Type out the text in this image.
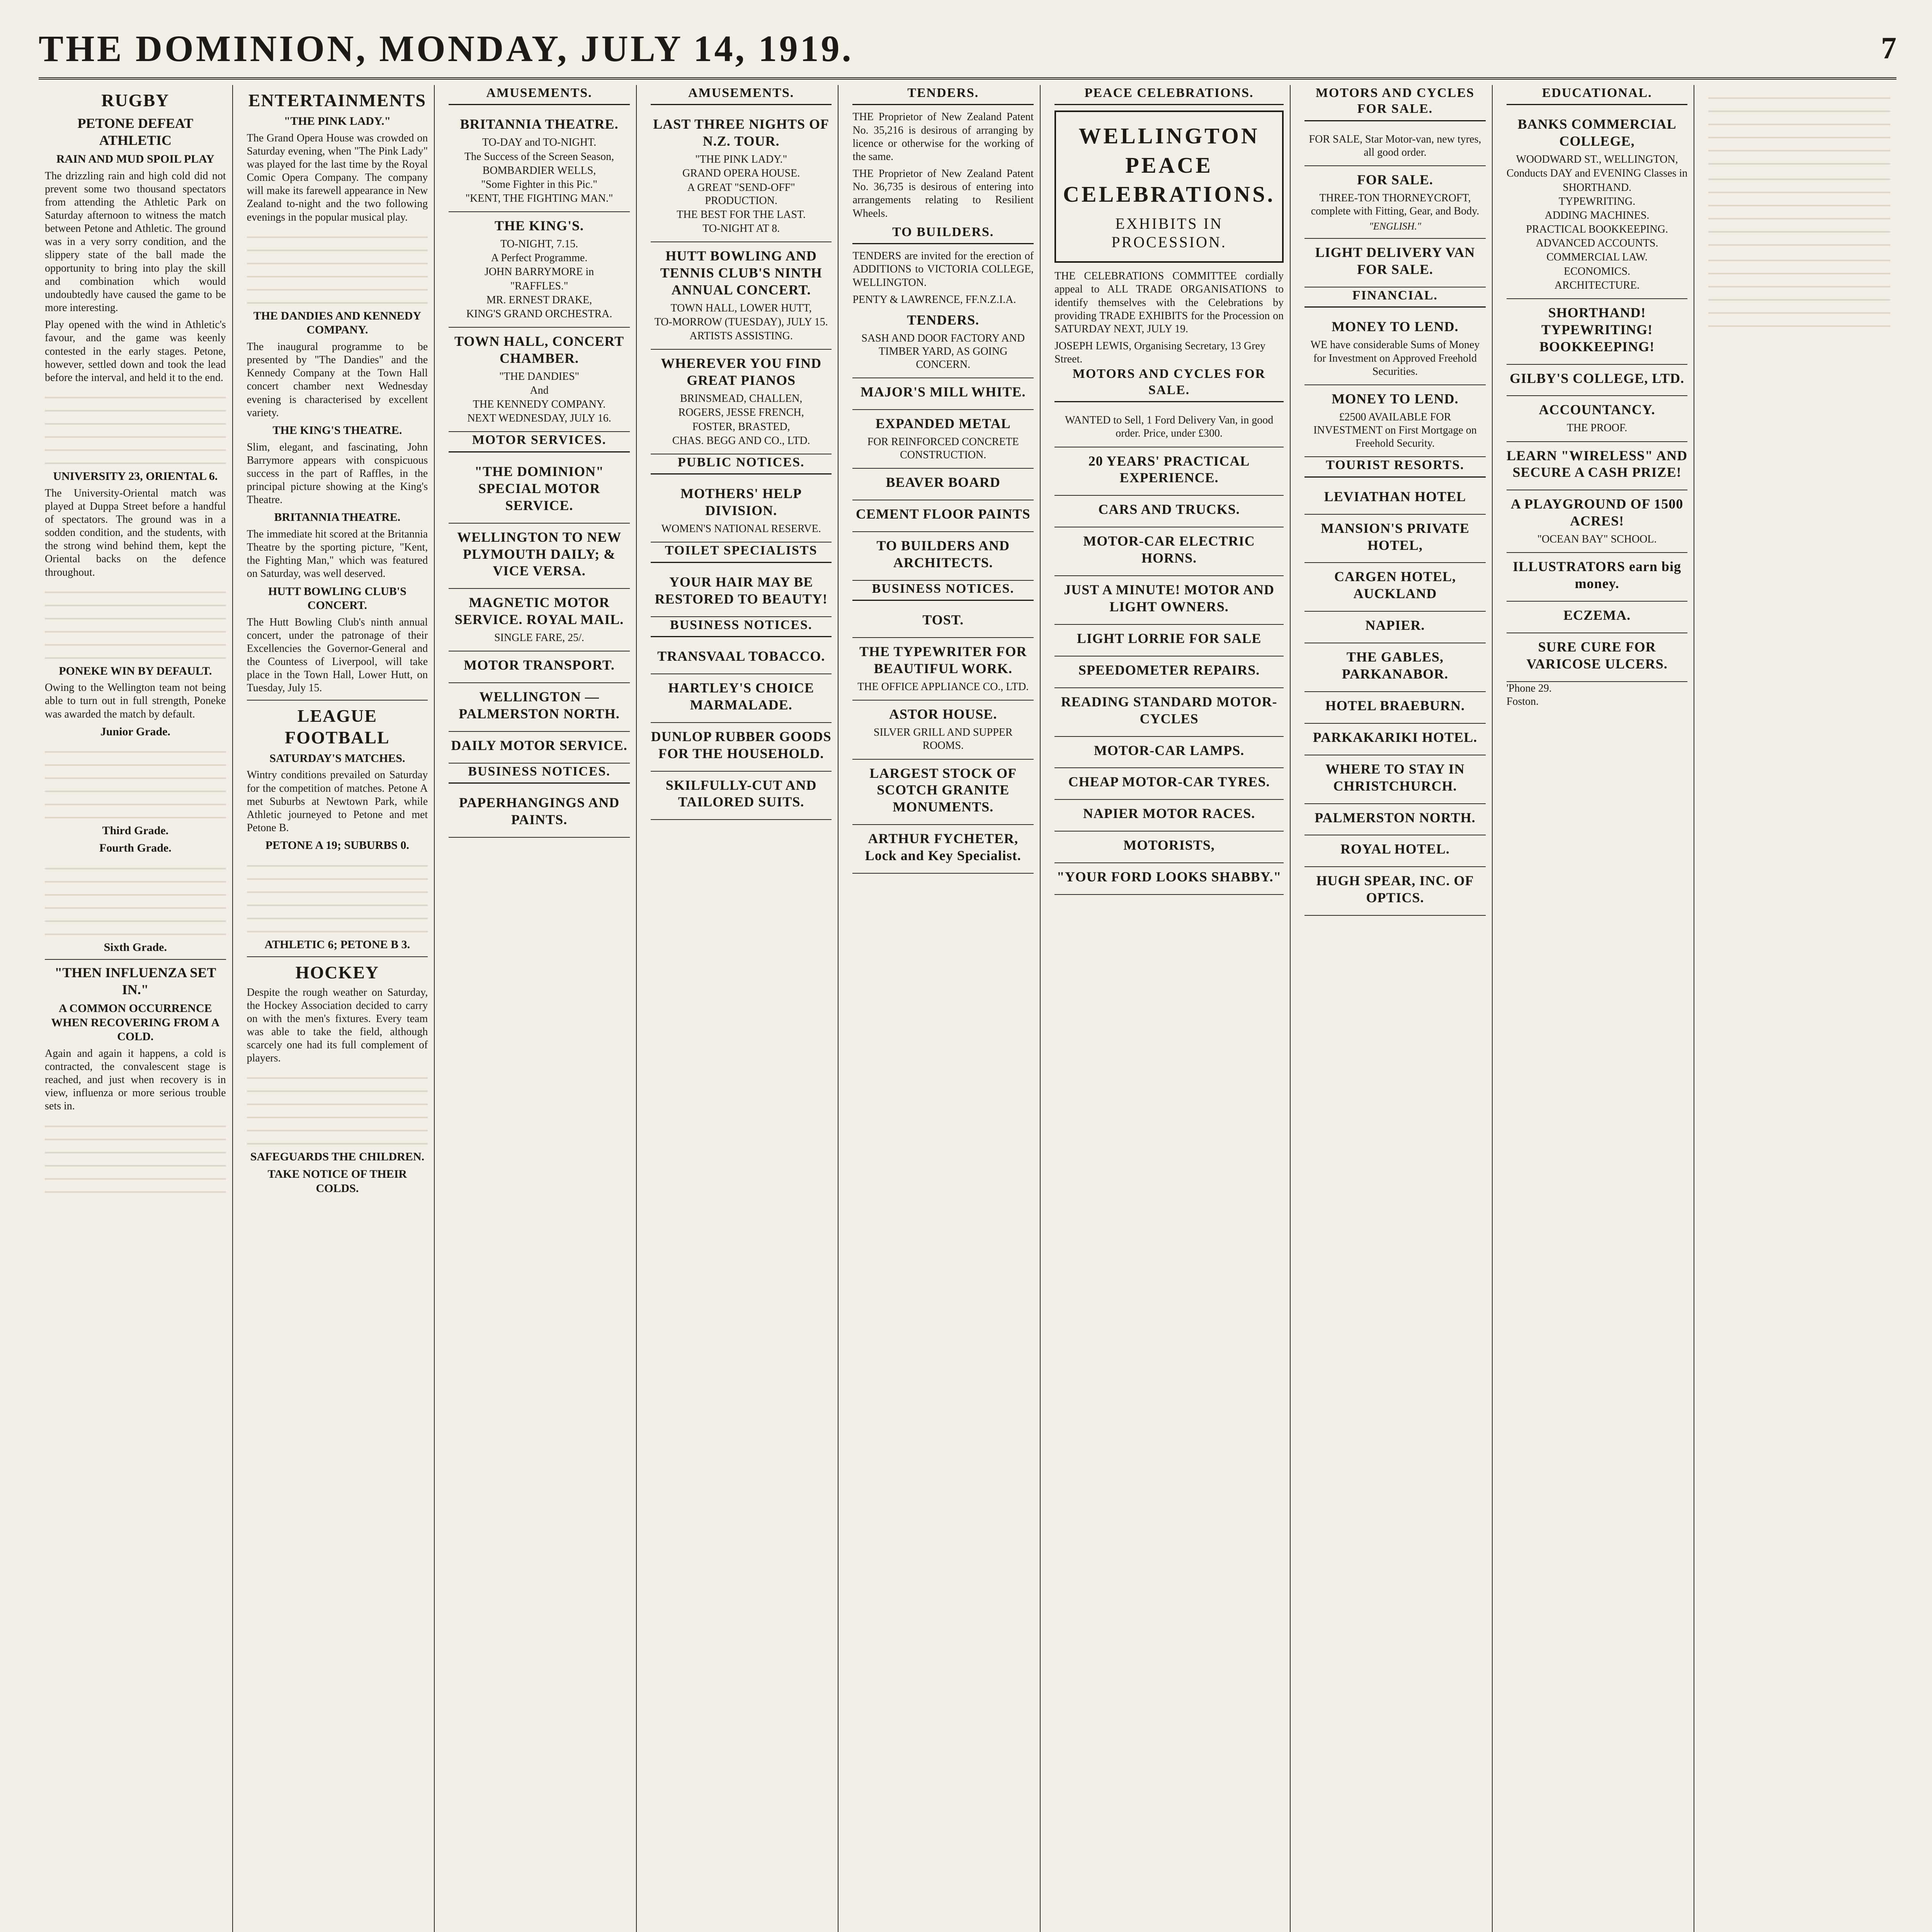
THE DOMINION, MONDAY, JULY 14, 1919.	7
RUGBY
PETONE DEFEAT ATHLETIC
RAIN AND MUD SPOIL PLAY

The drizzling rain and high cold did not prevent some two thousand spectators from attending the Athletic Park on Saturday afternoon to witness the match between Petone and Athletic. The ground was in a very sorry condition, and the slippery state of the ball made the opportunity to bring into play the skill and combination which would undoubtedly have caused the game to be more interesting.

Play opened with the wind in Athletic's favour, and the game was keenly contested in the early stages. Petone, however, settled down and took the lead before the interval, and held it to the end.

UNIVERSITY 23, ORIENTAL 6.

The University-Oriental match was played at Duppa Street before a handful of spectators. The ground was in a sodden condition, and the students, with the strong wind behind them, kept the Oriental backs on the defence throughout.

PONEKE WIN BY DEFAULT.

Owing to the Wellington team not being able to turn out in full strength, Poneke was awarded the match by default.

Junior Grade.
Third Grade.
Fourth Grade.
Sixth Grade.
"THEN INFLUENZA SET IN."
A COMMON OCCURRENCE WHEN RECOVERING FROM A COLD.

Again and again it happens, a cold is contracted, the convalescent stage is reached, and just when recovery is in view, influenza or more serious trouble sets in.

ENTERTAINMENTS
"THE PINK LADY."

The Grand Opera House was crowded on Saturday evening, when "The Pink Lady" was played for the last time by the Royal Comic Opera Company. The company will make its farewell appearance in New Zealand to-night and the two following evenings in the popular musical play.

THE DANDIES AND KENNEDY COMPANY.

The inaugural programme to be presented by "The Dandies" and the Kennedy Company at the Town Hall concert chamber next Wednesday evening is characterised by excellent variety.

THE KING'S THEATRE.

Slim, elegant, and fascinating, John Barrymore appears with conspicuous success in the part of Raffles, in the principal picture showing at the King's Theatre.

BRITANNIA THEATRE.

The immediate hit scored at the Britannia Theatre by the sporting picture, "Kent, the Fighting Man," which was featured on Saturday, was well deserved.

HUTT BOWLING CLUB'S CONCERT.

The Hutt Bowling Club's ninth annual concert, under the patronage of their Excellencies the Governor-General and the Countess of Liverpool, will take place in the Town Hall, Lower Hutt, on Tuesday, July 15.

LEAGUE FOOTBALL
SATURDAY'S MATCHES.

Wintry conditions prevailed on Saturday for the competition of matches. Petone A met Suburbs at Newtown Park, while Athletic journeyed to Petone and met Petone B.

PETONE A 19; SUBURBS 0.
ATHLETIC 6; PETONE B 3.
HOCKEY

Despite the rough weather on Saturday, the Hockey Association decided to carry on with the men's fixtures. Every team was able to take the field, although scarcely one had its full complement of players.

SAFEGUARDS THE CHILDREN.
TAKE NOTICE OF THEIR COLDS.
AMUSEMENTS.
BRITANNIA THEATRE.
TO-DAY and TO-NIGHT.
The Success of the Screen Season,
BOMBARDIER WELLS,
"Some Fighter in this Pic."
"KENT, THE FIGHTING MAN."
THE KING'S.
TO-NIGHT, 7.15.
A Perfect Programme.
JOHN BARRYMORE in
"RAFFLES."
MR. ERNEST DRAKE,
KING'S GRAND ORCHESTRA.
TOWN HALL, CONCERT CHAMBER.
"THE DANDIES"
And
THE KENNEDY COMPANY.
NEXT WEDNESDAY, JULY 16.
MOTOR SERVICES.
"THE DOMINION" SPECIAL MOTOR SERVICE.
WELLINGTON TO NEW PLYMOUTH DAILY; & VICE VERSA.
MAGNETIC MOTOR SERVICE. ROYAL MAIL.
SINGLE FARE, 25/.
MOTOR TRANSPORT.
WELLINGTON — PALMERSTON NORTH.
DAILY MOTOR SERVICE.
BUSINESS NOTICES.
PAPERHANGINGS AND PAINTS.
AMUSEMENTS.
LAST THREE NIGHTS OF N.Z. TOUR.
"THE PINK LADY."
GRAND OPERA HOUSE.
A GREAT "SEND-OFF" PRODUCTION.
THE BEST FOR THE LAST.
TO-NIGHT AT 8.
HUTT BOWLING AND TENNIS CLUB'S NINTH ANNUAL CONCERT.
TOWN HALL, LOWER HUTT,
TO-MORROW (TUESDAY), JULY 15.
ARTISTS ASSISTING.
WHEREVER YOU FIND GREAT PIANOS
BRINSMEAD, CHALLEN,
ROGERS, JESSE FRENCH,
FOSTER, BRASTED,
CHAS. BEGG AND CO., LTD.
PUBLIC NOTICES.
MOTHERS' HELP DIVISION.
WOMEN'S NATIONAL RESERVE.
TOILET SPECIALISTS
YOUR HAIR MAY BE RESTORED TO BEAUTY!
BUSINESS NOTICES.
TRANSVAAL TOBACCO.
HARTLEY'S CHOICE MARMALADE.
DUNLOP RUBBER GOODS FOR THE HOUSEHOLD.
SKILFULLY-CUT AND TAILORED SUITS.
TENDERS.

THE Proprietor of New Zealand Patent No. 35,216 is desirous of arranging by licence or otherwise for the working of the same.

THE Proprietor of New Zealand Patent No. 36,735 is desirous of entering into arrangements relating to Resilient Wheels.

TO BUILDERS.

TENDERS are invited for the erection of ADDITIONS to VICTORIA COLLEGE, WELLINGTON.

PENTY & LAWRENCE, FF.N.Z.I.A.
TENDERS.
SASH AND DOOR FACTORY AND TIMBER YARD, AS GOING CONCERN.
MAJOR'S MILL WHITE.
EXPANDED METAL
FOR REINFORCED CONCRETE CONSTRUCTION.
BEAVER BOARD
CEMENT FLOOR PAINTS
TO BUILDERS AND ARCHITECTS.
BUSINESS NOTICES.
TOST.
THE TYPEWRITER FOR BEAUTIFUL WORK.
THE OFFICE APPLIANCE CO., LTD.
ASTOR HOUSE.
SILVER GRILL AND SUPPER ROOMS.
LARGEST STOCK OF SCOTCH GRANITE MONUMENTS.
ARTHUR FYCHETER, Lock and Key Specialist.
PEACE CELEBRATIONS.
WELLINGTON PEACE
CELEBRATIONS.
EXHIBITS IN PROCESSION.

THE CELEBRATIONS COMMITTEE cordially appeal to ALL TRADE ORGANISATIONS to identify themselves with the Celebrations by providing TRADE EXHIBITS for the Procession on SATURDAY NEXT, JULY 19.

JOSEPH LEWIS, Organising Secretary, 13 Grey Street.
MOTORS AND CYCLES FOR SALE.
WANTED to Sell, 1 Ford Delivery Van, in good order. Price, under £300.
20 YEARS' PRACTICAL EXPERIENCE.
CARS AND TRUCKS.
MOTOR-CAR ELECTRIC HORNS.
JUST A MINUTE! MOTOR AND LIGHT OWNERS.
LIGHT LORRIE FOR SALE
SPEEDOMETER REPAIRS.
READING STANDARD MOTOR-CYCLES
MOTOR-CAR LAMPS.
CHEAP MOTOR-CAR TYRES.
NAPIER MOTOR RACES.
MOTORISTS,
"YOUR FORD LOOKS SHABBY."
MOTORS AND CYCLES FOR SALE.
FOR SALE, Star Motor-van, new tyres, all good order.
FOR SALE.
THREE-TON THORNEYCROFT, complete with Fitting, Gear, and Body.
"ENGLISH."
LIGHT DELIVERY VAN FOR SALE.
FINANCIAL.
MONEY TO LEND.
WE have considerable Sums of Money for Investment on Approved Freehold Securities.
MONEY TO LEND.
£2500 AVAILABLE FOR INVESTMENT on First Mortgage on Freehold Security.
TOURIST RESORTS.
LEVIATHAN HOTEL
MANSION'S PRIVATE HOTEL,
CARGEN HOTEL, AUCKLAND
NAPIER.
THE GABLES, PARKANABOR.
HOTEL BRAEBURN.
PARKAKARIKI HOTEL.
WHERE TO STAY IN CHRISTCHURCH.
PALMERSTON NORTH.
ROYAL HOTEL.
HUGH SPEAR, INC. OF OPTICS.
EDUCATIONAL.
BANKS COMMERCIAL COLLEGE,
WOODWARD ST., WELLINGTON,
Conducts DAY and EVENING Classes in
SHORTHAND.
TYPEWRITING.
ADDING MACHINES.
PRACTICAL BOOKKEEPING.
ADVANCED ACCOUNTS.
COMMERCIAL LAW.
ECONOMICS.
ARCHITECTURE.
SHORTHAND! TYPEWRITING! BOOKKEEPING!
GILBY'S COLLEGE, LTD.
ACCOUNTANCY.
THE PROOF.
LEARN "WIRELESS" AND SECURE A CASH PRIZE!
A PLAYGROUND OF 1500 ACRES!
"OCEAN BAY" SCHOOL.
ILLUSTRATORS earn big money.
ECZEMA.
SURE CURE FOR VARICOSE ULCERS.
'Phone 29.
Foston.
